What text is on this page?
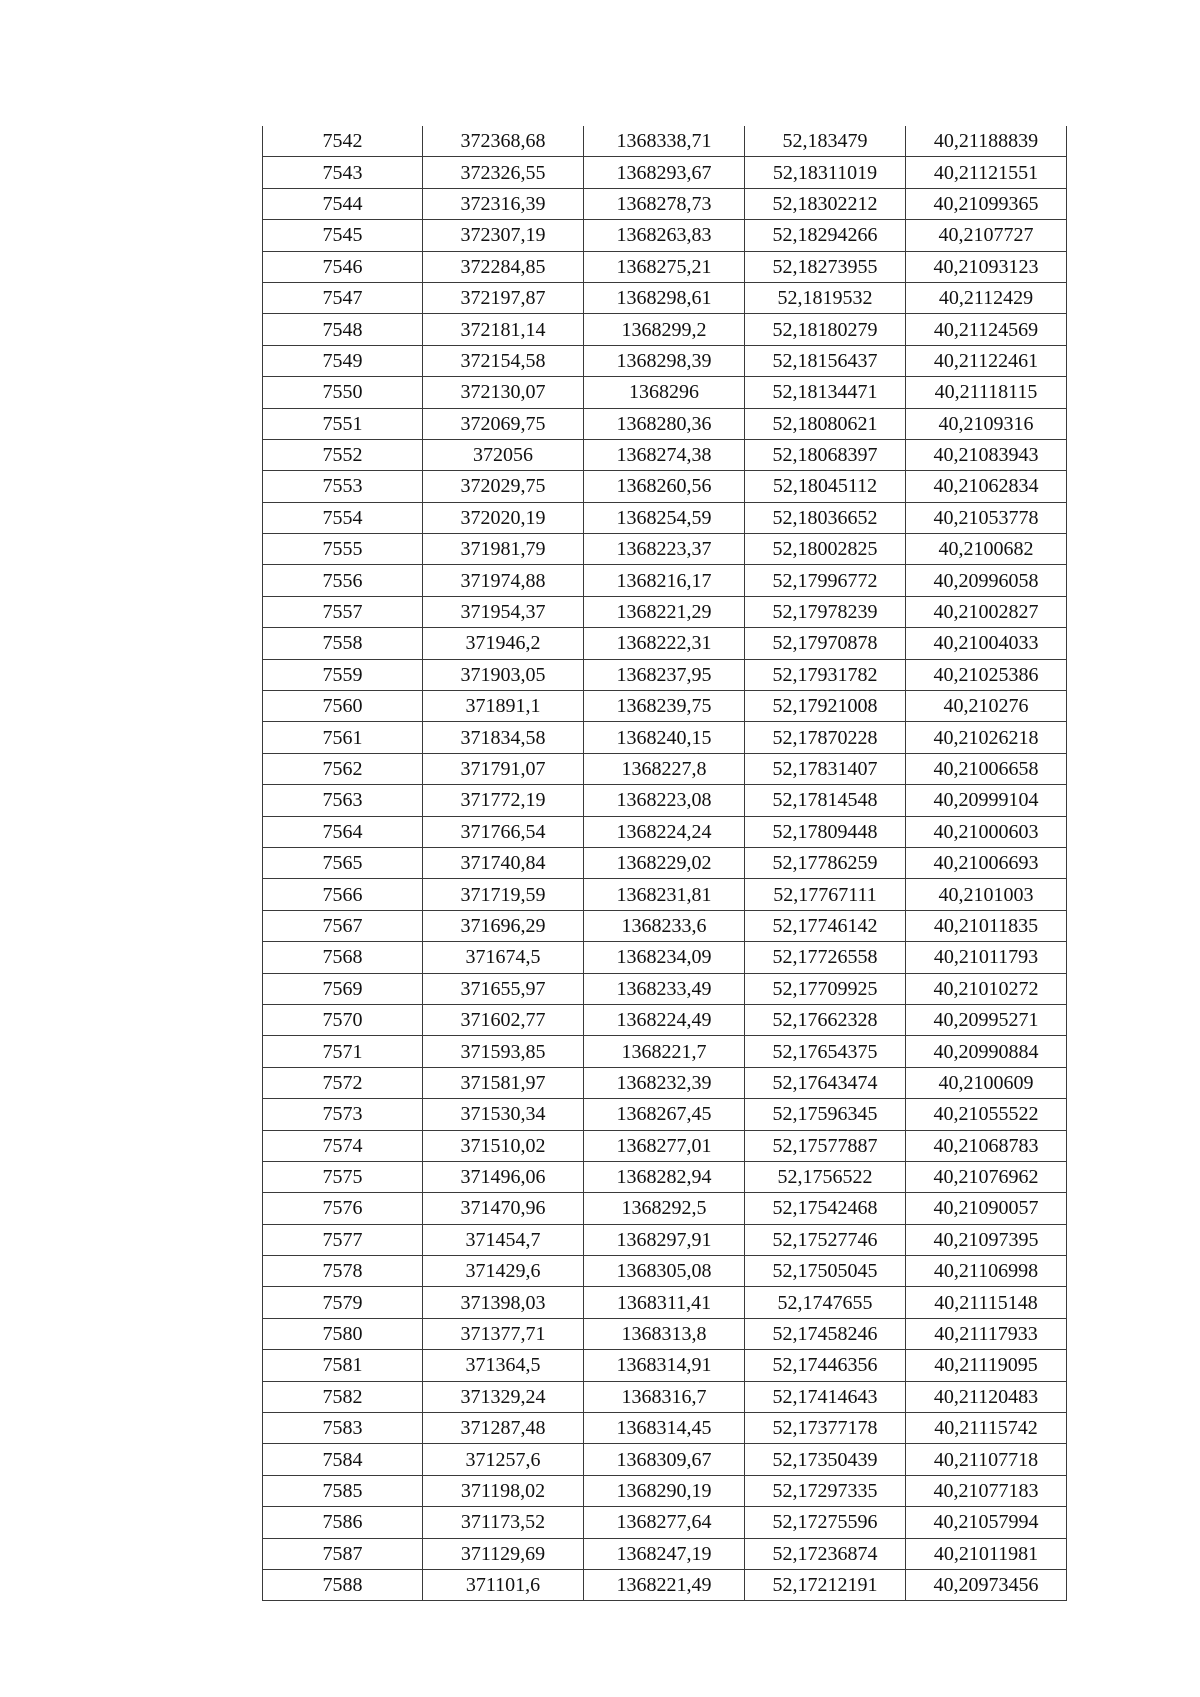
7542	372368,68	1368338,71	52,183479	40,21188839
7543	372326,55	1368293,67	52,18311019	40,21121551
7544	372316,39	1368278,73	52,18302212	40,21099365
7545	372307,19	1368263,83	52,18294266	40,2107727
7546	372284,85	1368275,21	52,18273955	40,21093123
7547	372197,87	1368298,61	52,1819532	40,2112429
7548	372181,14	1368299,2	52,18180279	40,21124569
7549	372154,58	1368298,39	52,18156437	40,21122461
7550	372130,07	1368296	52,18134471	40,21118115
7551	372069,75	1368280,36	52,18080621	40,2109316
7552	372056	1368274,38	52,18068397	40,21083943
7553	372029,75	1368260,56	52,18045112	40,21062834
7554	372020,19	1368254,59	52,18036652	40,21053778
7555	371981,79	1368223,37	52,18002825	40,2100682
7556	371974,88	1368216,17	52,17996772	40,20996058
7557	371954,37	1368221,29	52,17978239	40,21002827
7558	371946,2	1368222,31	52,17970878	40,21004033
7559	371903,05	1368237,95	52,17931782	40,21025386
7560	371891,1	1368239,75	52,17921008	40,210276
7561	371834,58	1368240,15	52,17870228	40,21026218
7562	371791,07	1368227,8	52,17831407	40,21006658
7563	371772,19	1368223,08	52,17814548	40,20999104
7564	371766,54	1368224,24	52,17809448	40,21000603
7565	371740,84	1368229,02	52,17786259	40,21006693
7566	371719,59	1368231,81	52,17767111	40,2101003
7567	371696,29	1368233,6	52,17746142	40,21011835
7568	371674,5	1368234,09	52,17726558	40,21011793
7569	371655,97	1368233,49	52,17709925	40,21010272
7570	371602,77	1368224,49	52,17662328	40,20995271
7571	371593,85	1368221,7	52,17654375	40,20990884
7572	371581,97	1368232,39	52,17643474	40,2100609
7573	371530,34	1368267,45	52,17596345	40,21055522
7574	371510,02	1368277,01	52,17577887	40,21068783
7575	371496,06	1368282,94	52,1756522	40,21076962
7576	371470,96	1368292,5	52,17542468	40,21090057
7577	371454,7	1368297,91	52,17527746	40,21097395
7578	371429,6	1368305,08	52,17505045	40,21106998
7579	371398,03	1368311,41	52,1747655	40,21115148
7580	371377,71	1368313,8	52,17458246	40,21117933
7581	371364,5	1368314,91	52,17446356	40,21119095
7582	371329,24	1368316,7	52,17414643	40,21120483
7583	371287,48	1368314,45	52,17377178	40,21115742
7584	371257,6	1368309,67	52,17350439	40,21107718
7585	371198,02	1368290,19	52,17297335	40,21077183
7586	371173,52	1368277,64	52,17275596	40,21057994
7587	371129,69	1368247,19	52,17236874	40,21011981
7588	371101,6	1368221,49	52,17212191	40,20973456
